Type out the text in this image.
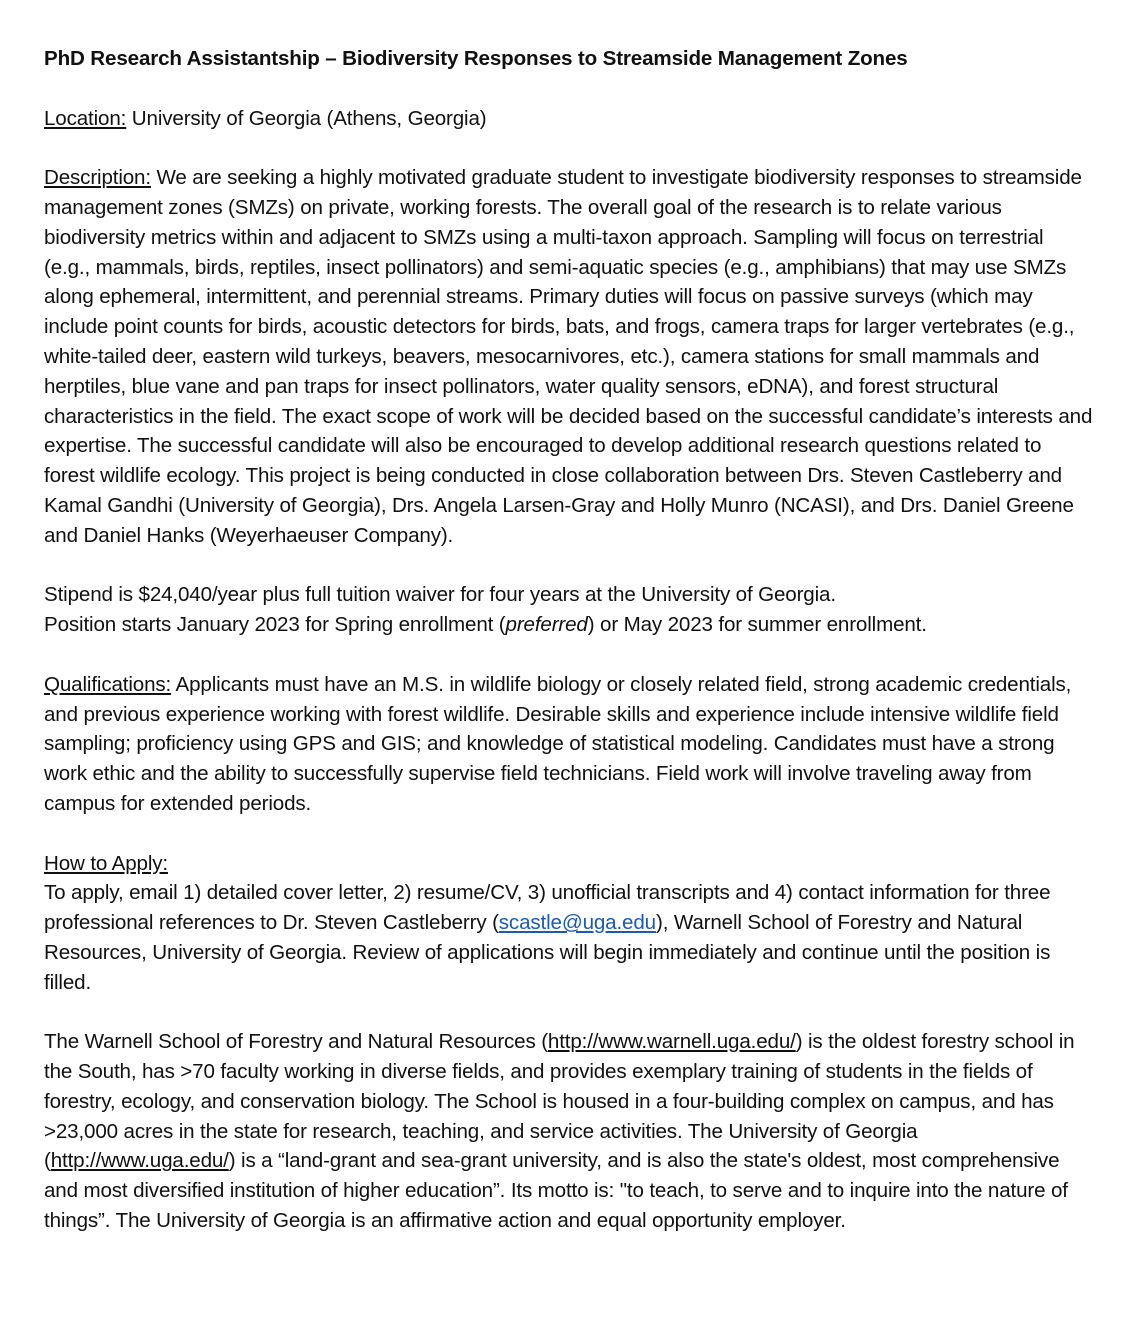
PhD Research Assistantship – Biodiversity Responses to Streamside Management Zones

Location: University of Georgia (Athens, Georgia)

Description: We are seeking a highly motivated graduate student to investigate biodiversity responses to streamside management zones (SMZs) on private, working forests. The overall goal of the research is to relate various biodiversity metrics within and adjacent to SMZs using a multi-taxon approach. Sampling will focus on terrestrial (e.g., mammals, birds, reptiles, insect pollinators) and semi-aquatic species (e.g., amphibians) that may use SMZs along ephemeral, intermittent, and perennial streams. Primary duties will focus on passive surveys (which may include point counts for birds, acoustic detectors for birds, bats, and frogs, camera traps for larger vertebrates (e.g., white-tailed deer, eastern wild turkeys, beavers, mesocarnivores, etc.), camera stations for small mammals and herptiles, blue vane and pan traps for insect pollinators, water quality sensors, eDNA), and forest structural characteristics in the field. The exact scope of work will be decided based on the successful candidate’s interests and expertise. The successful candidate will also be encouraged to develop additional research questions related to forest wildlife ecology. This project is being conducted in close collaboration between Drs. Steven Castleberry and Kamal Gandhi (University of Georgia), Drs. Angela Larsen-Gray and Holly Munro (NCASI), and Drs. Daniel Greene and Daniel Hanks (Weyerhaeuser Company).

Stipend is $24,040/year plus full tuition waiver for four years at the University of Georgia.

Position starts January 2023 for Spring enrollment (preferred) or May 2023 for summer enrollment.

Qualifications: Applicants must have an M.S. in wildlife biology or closely related field, strong academic credentials, and previous experience working with forest wildlife. Desirable skills and experience include intensive wildlife field sampling; proficiency using GPS and GIS; and knowledge of statistical modeling. Candidates must have a strong work ethic and the ability to successfully supervise field technicians. Field work will involve traveling away from campus for extended periods.

How to Apply:

To apply, email 1) detailed cover letter, 2) resume/CV, 3) unofficial transcripts and 4) contact information for three professional references to Dr. Steven Castleberry (scastle@uga.edu), Warnell School of Forestry and Natural Resources, University of Georgia. Review of applications will begin immediately and continue until the position is filled.

The Warnell School of Forestry and Natural Resources (http://www.warnell.uga.edu/) is the oldest forestry school in the South, has >70 faculty working in diverse fields, and provides exemplary training of students in the fields of forestry, ecology, and conservation biology. The School is housed in a four-building complex on campus, and has >23,000 acres in the state for research, teaching, and service activities. The University of Georgia (http://www.uga.edu/) is a “land-grant and sea-grant university, and is also the state's oldest, most comprehensive and most diversified institution of higher education”. Its motto is: "to teach, to serve and to inquire into the nature of things”. The University of Georgia is an affirmative action and equal opportunity employer.
